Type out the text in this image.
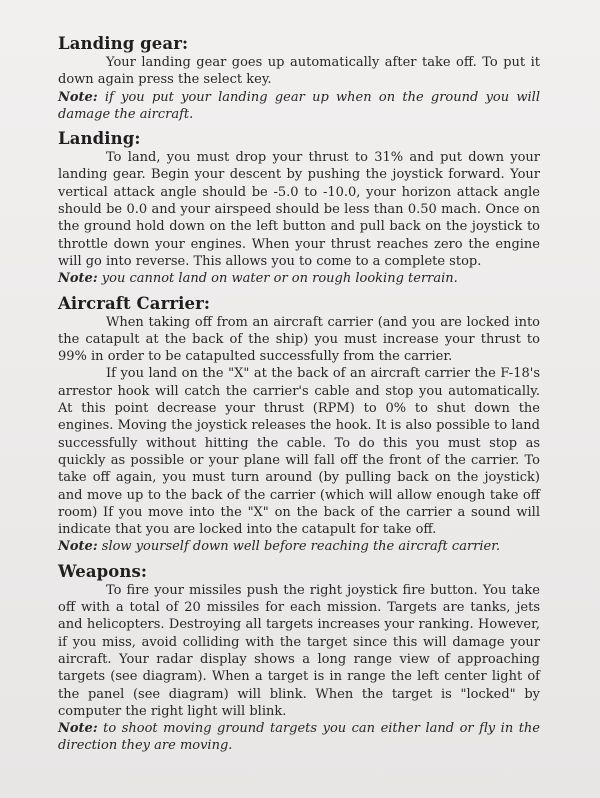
Landing gear:

Your landing gear goes up automatically after take off. To put it down again press the select key.

Note: if you put your landing gear up when on the ground you will damage the aircraft.

Landing:

To land, you must drop your thrust to 31% and put down your landing gear. Begin your descent by pushing the joystick forward. Your vertical attack angle should be -5.0 to -10.0, your horizon attack angle should be 0.0 and your airspeed should be less than 0.50 mach. Once on the ground hold down on the left button and pull back on the joystick to throttle down your engines. When your thrust reaches zero the engine will go into reverse. This allows you to come to a complete stop.

Note: you cannot land on water or on rough looking terrain.

Aircraft Carrier:

When taking off from an aircraft carrier (and you are locked into the catapult at the back of the ship) you must increase your thrust to 99% in order to be catapulted successfully from the carrier.

If you land on the "X" at the back of an aircraft carrier the F-18's arrestor hook will catch the carrier's cable and stop you automatically. At this point decrease your thrust (RPM) to 0% to shut down the engines. Moving the joystick releases the hook. It is also possible to land successfully without hitting the cable. To do this you must stop as quickly as possible or your plane will fall off the front of the carrier. To take off again, you must turn around (by pulling back on the joystick) and move up to the back of the carrier (which will allow enough take off room) If you move into the "X" on the back of the carrier a sound will indicate that you are locked into the catapult for take off.

Note: slow yourself down well before reaching the aircraft carrier.

Weapons:

To fire your missiles push the right joystick fire button. You take off with a total of 20 missiles for each mission. Targets are tanks, jets and helicopters. Destroying all targets increases your ranking. However, if you miss, avoid colliding with the target since this will damage your aircraft. Your radar display shows a long range view of approaching targets (see diagram). When a target is in range the left center light of the panel (see diagram) will blink. When the target is "locked" by computer the right light will blink.

Note: to shoot moving ground targets you can either land or fly in the direction they are moving.
